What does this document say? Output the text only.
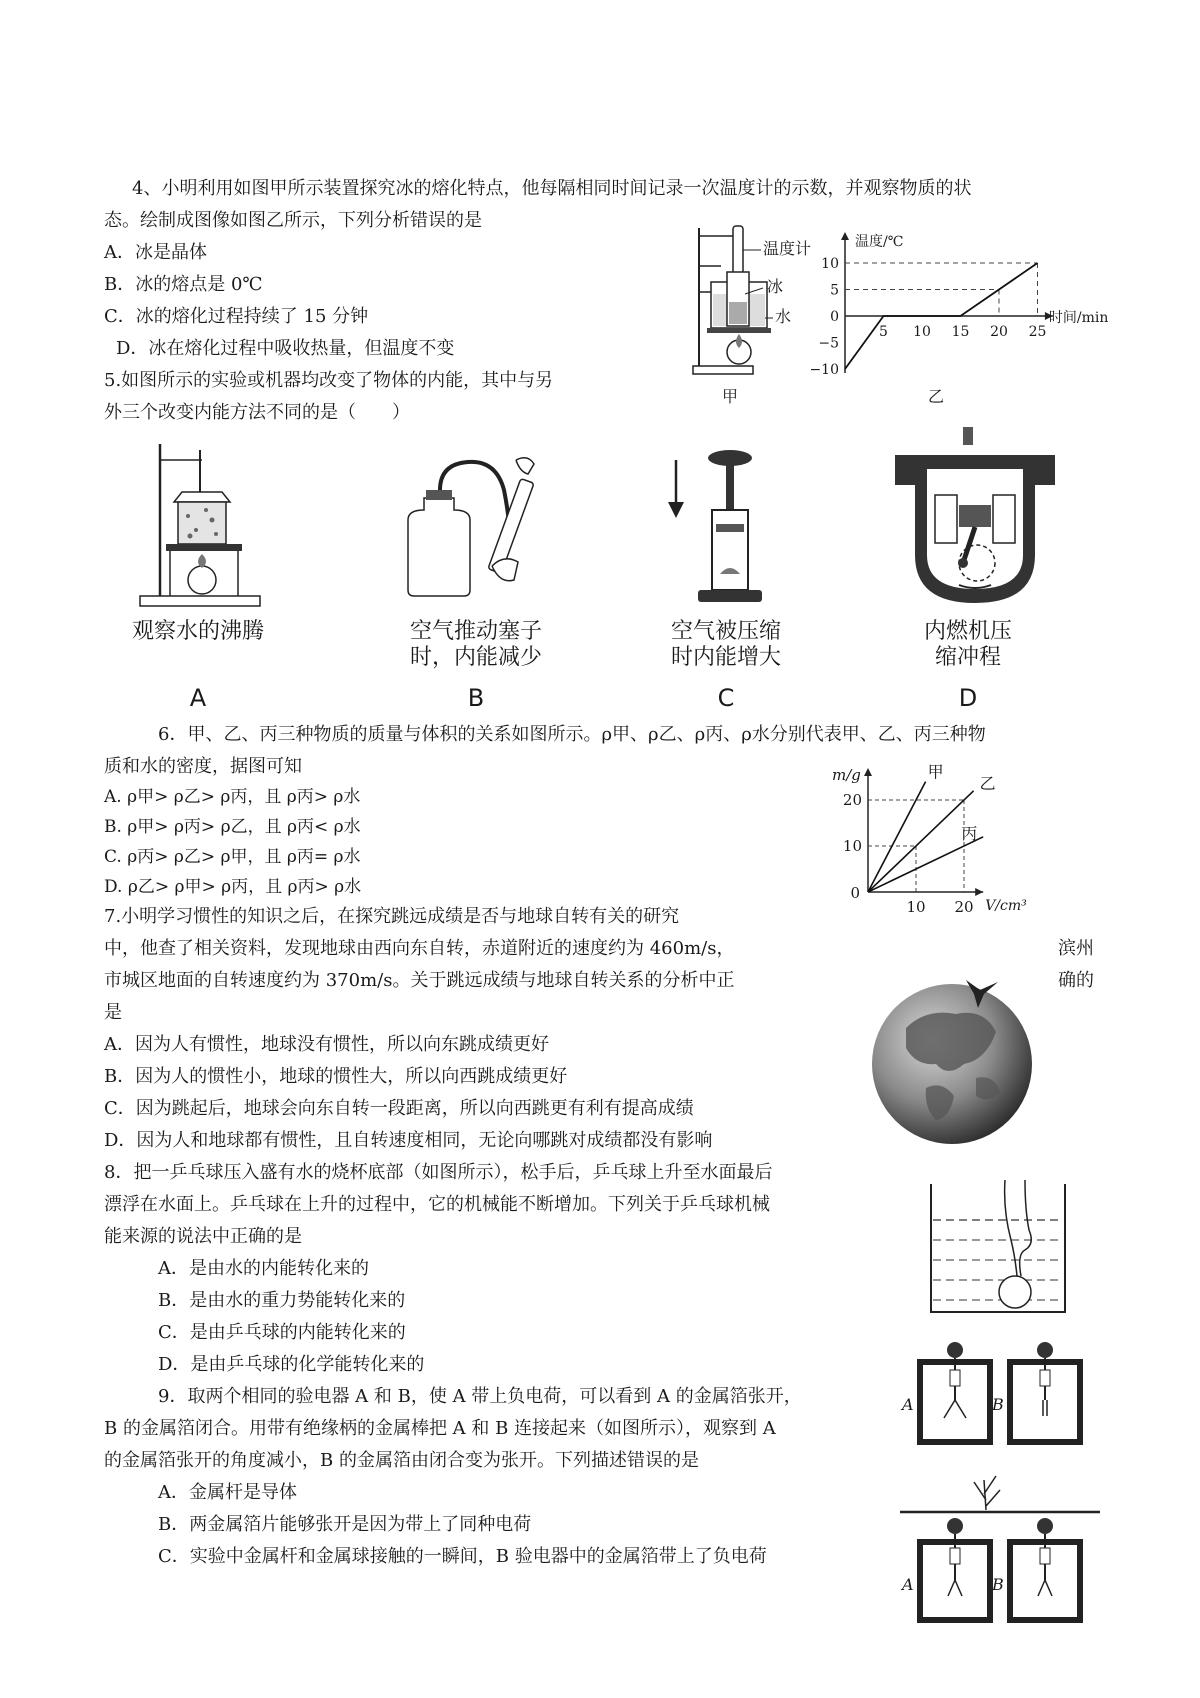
4、小明利用如图甲所示装置探究冰的熔化特点，他每隔相同时间记录一次温度计的示数，并观察物质的状
态。绘制成图像如图乙所示，下列分析错误的是
A．冰是晶体
B．冰的熔点是 0℃
C．冰的熔化过程持续了 15 分钟
D．冰在熔化过程中吸收热量，但温度不变
温度计
冰
水
甲
温度/℃
时间/min
10
5
0
−5
−10
5 10 15 20 25
乙
5.如图所示的实验或机器均改变了物体的内能，其中与另
外三个改变内能方法不同的是（　　）
观察水的沸腾
A
空气推动塞子
时，内能减少
B
空气被压缩
时内能增大
C
内燃机压
缩冲程
D
6．甲、乙、丙三种物质的质量与体积的关系如图所示。ρ甲、ρ乙、ρ丙、ρ水分别代表甲、乙、丙三种物
质和水的密度，据图可知
A. ρ甲> ρ乙> ρ丙，且 ρ丙> ρ水
B. ρ甲> ρ丙> ρ乙，且 ρ丙< ρ水
C. ρ丙> ρ乙> ρ甲，且 ρ丙= ρ水
D. ρ乙> ρ甲> ρ丙，且 ρ丙> ρ水
m/g
V/cm³
0
10
20
10 20
甲
乙
丙
7.小明学习惯性的知识之后，在探究跳远成绩是否与地球自转有关的研究
中，他查了相关资料，发现地球由西向东自转，赤道附近的速度约为 460m/s，	滨州
市城区地面的自转速度约为 370m/s。关于跳远成绩与地球自转关系的分析中正	确的
是
A．因为人有惯性，地球没有惯性，所以向东跳成绩更好
B．因为人的惯性小，地球的惯性大，所以向西跳成绩更好
C．因为跳起后，地球会向东自转一段距离，所以向西跳更有利有提高成绩
D．因为人和地球都有惯性，且自转速度相同，无论向哪跳对成绩都没有影响
8．把一乒乓球压入盛有水的烧杯底部（如图所示），松手后，乒乓球上升至水面最后
漂浮在水面上。乒乓球在上升的过程中，它的机械能不断增加。下列关于乒乓球机械
能来源的说法中正确的是
A．是由水的内能转化来的
B．是由水的重力势能转化来的
C．是由乒乓球的内能转化来的
D．是由乒乓球的化学能转化来的
9．取两个相同的验电器 A 和 B，使 A 带上负电荷，可以看到 A 的金属箔张开，
B 的金属箔闭合。用带有绝缘柄的金属棒把 A 和 B 连接起来（如图所示），观察到 A
的金属箔张开的角度减小，B 的金属箔由闭合变为张开。下列描述错误的是
A．金属杆是导体
B．两金属箔片能够张开是因为带上了同种电荷
C．实验中金属杆和金属球接触的一瞬间，B 验电器中的金属箔带上了负电荷
A	B
A	B
